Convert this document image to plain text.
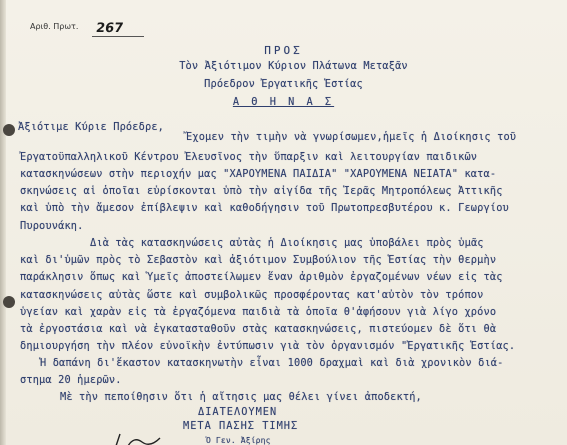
Αριθ. Πρωτ. 267
ΠΡΟΣ
Τὸν Ἀξιότιμον Κύριον Πλάτωνα Μεταξᾶν
Πρόεδρον Ἐργατικῆς Ἑστίας
Α Θ Η Ν Α Σ
Ἀξιότιμε Κύριε Πρόεδρε,
Ἔχομεν τὴν τιμὴν νὰ γνωρίσωμεν,ἡμεῖς ἡ Διοίκησις τοῦ
Ἐργατοϋπαλληλικοῦ Κέντρου Ἐλευσῖνος τὴν ὕπαρξιν καὶ λειτουργίαν παιδικῶν
κατασκηνώσεων στὴν περιοχήν μας "ΧΑΡΟΥΜΕΝΑ ΠΑΙΔΙΑ" "ΧΑΡΟΥΜΕΝΑ ΝΕΙΑΤΑ" κατα-
σκηνώσεις αἱ ὁποῖαι εὑρίσκονται ὑπὸ τὴν αἰγίδα τῆς Ἱερᾶς Μητροπόλεως Ἀττικῆς
καὶ ὑπὸ τὴν ἄμεσον ἐπίβλεψιν καὶ καθοδήγησιν τοῦ Πρωτοπρεσβυτέρου κ. Γεωργίου
Πυρουνάκη.
Διὰ τὰς κατασκηνώσεις αὐτὰς ἡ Διοίκησις μας ὑποβάλει πρὸς ὑμᾶς
καὶ δι'ὑμῶν πρὸς τὸ Σεβαστὸν καὶ ἀξιότιμον Συμβούλιον τῆς Ἑστίας τὴν θερμὴν
παράκλησιν ὅπως καὶ Ὑμεῖς ἀποστείλωμεν ἕναν ἀριθμὸν ἐργαζομένων νέων εἰς τὰς
κατασκηνώσεις αὐτὰς ὥστε καὶ συμβολικῶς προσφέροντας κατ'αὐτὸν τὸν τρόπον
ὑγείαν καὶ χαρὰν εἰς τὰ ἐργαζόμενα παιδιὰ τὰ ὁποῖα θ'ἀφήσουν γιὰ λίγο χρόνο
τὰ ἐργοστάσια καὶ νὰ ἐγκατασταθοῦν στὰς κατασκηνώσεις, πιστεύομεν δὲ ὅτι θὰ
δημιουργήση τὴν πλέον εὐνοϊκὴν ἐντύπωσιν γιὰ τὸν ὀργανισμόν "Ἐργατικῆς Ἑστίας.
Ἡ δαπάνη δι'ἕκαστον κατασκηνωτὴν εἶναι 1000 δραχμαὶ καὶ διὰ χρονικὸν διά-
στημα 20 ἡμερῶν.
Μὲ τὴν πεποίθησιν ὅτι ἡ αἴτησις μας θέλει γίνει ἀποδεκτή,
ΔΙΑΤΕΛΟΥΜΕΝ
ΜΕΤΑ ΠΑΣΗΣ ΤΙΜΗΣ
Ὁ Γεν. Ἀξίρης
